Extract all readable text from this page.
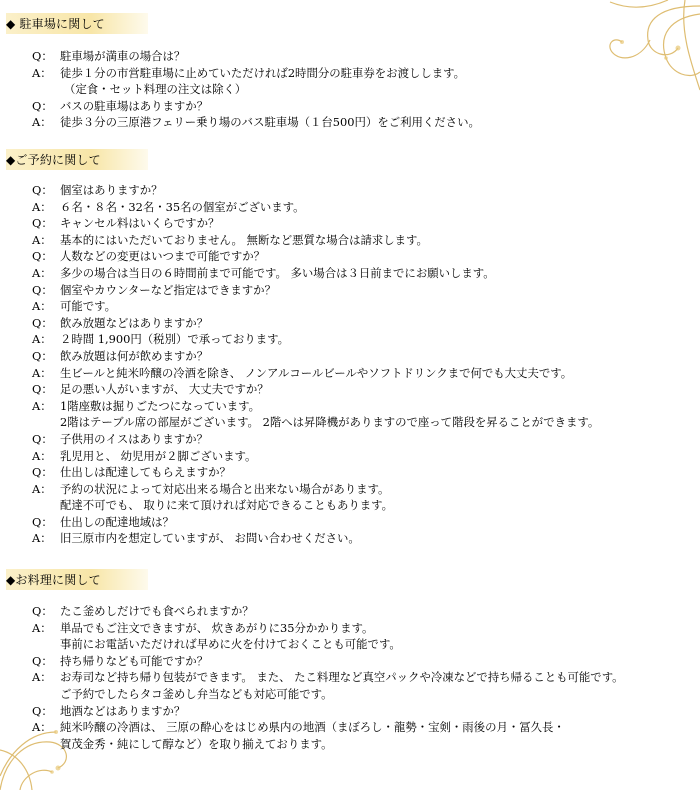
◆ 駐車場に関して
Q： 駐車場が満車の場合は？
A： 徒歩１分の市営駐車場に止めていただければ2時間分の駐車券をお渡しします。
（定食・セット料理の注文は除く）
Q： バスの駐車場はありますか？
A： 徒歩３分の三原港フェリー乗り場のバス駐車場（１台500円）をご利用ください。
◆ご予約に関して
Q： 個室はありますか？
A： ６名・８名・32名・35名の個室がございます。
Q： キャンセル料はいくらですか？
A： 基本的にはいただいておりません。 無断など悪質な場合は請求します。
Q： 人数などの変更はいつまで可能ですか？
A： 多少の場合は当日の６時間前まで可能です。 多い場合は３日前までにお願いします。
Q： 個室やカウンターなど指定はできますか？
A： 可能です。
Q： 飲み放題などはありますか？
A： ２時間 1,900円（税別）で承っております。
Q： 飲み放題は何が飲めますか？
A： 生ビールと純米吟醸の冷酒を除き、 ノンアルコールビールやソフトドリンクまで何でも大丈夫です。
Q： 足の悪い人がいますが、 大丈夫ですか？
A： 1階座敷は掘りごたつになっています。
2階はテーブル席の部屋がございます。 2階へは昇降機がありますので座って階段を昇ることができます。
Q： 子供用のイスはありますか？
A： 乳児用と、 幼児用が２脚ございます。
Q： 仕出しは配達してもらえますか？
A： 予約の状況によって対応出来る場合と出来ない場合があります。
配達不可でも、 取りに来て頂ければ対応できることもあります。
Q： 仕出しの配達地域は？
A： 旧三原市内を想定していますが、 お問い合わせください。
◆お料理に関して
Q： たこ釜めしだけでも食べられますか？
A： 単品でもご注文できますが、 炊きあがりに35分かかります。
事前にお電話いただければ早めに火を付けておくことも可能です。
Q： 持ち帰りなども可能ですか？
A： お寿司など持ち帰り包装ができます。 また、 たこ料理など真空パックや冷凍などで持ち帰ることも可能です。
ご予約でしたらタコ釜めし弁当なども対応可能です。
Q： 地酒などはありますか？
A： 純米吟醸の冷酒は、 三原の酔心をはじめ県内の地酒（まぼろし・龍勢・宝剣・雨後の月・冨久長・
賀茂金秀・純にして醇など）を取り揃えております。
